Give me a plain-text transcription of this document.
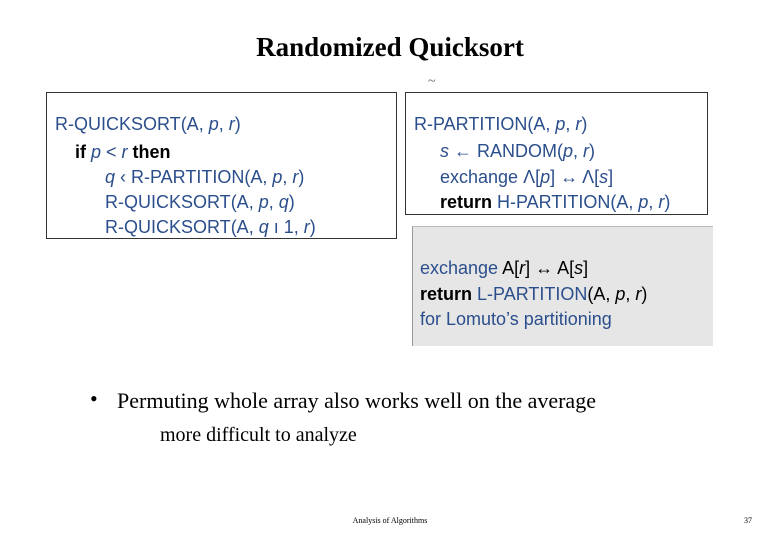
Randomized Quicksort
~
R-QUICKSORT(A, p, r)
if p < r then
q ‹ R-PARTITION(A, p, r)
R-QUICKSORT(A, p, q)
R-QUICKSORT(A, q ı 1, r)
R-PARTITION(A, p, r)
s ← RANDOM(p, r)
exchange Λ[p] ↔ Λ[s]
return H-PARTITION(A, p, r)
exchange A[r] ↔ A[s]
return L-PARTITION(A, p, r)
for Lomuto’s partitioning
• Permuting whole array also works well on the average
more difficult to analyze
Analysis of Algorithms	37
